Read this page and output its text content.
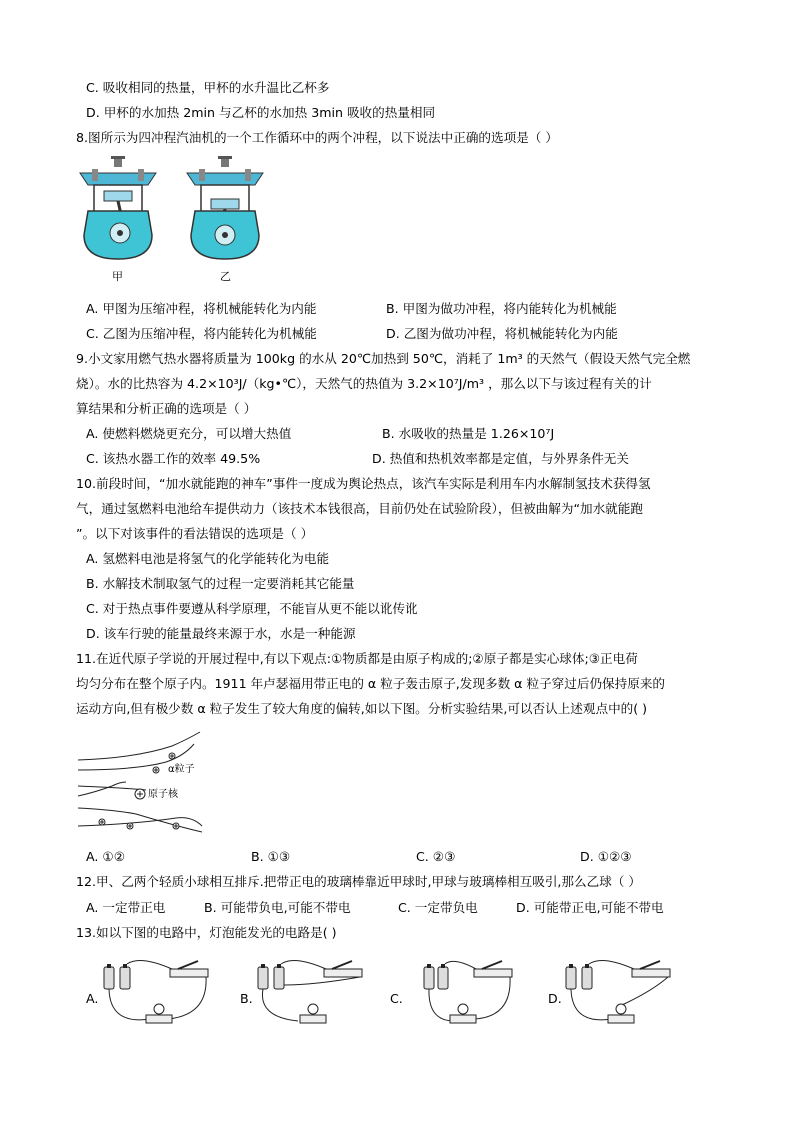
C. 吸收相同的热量，甲杯的水升温比乙杯多
D. 甲杯的水加热 2min 与乙杯的水加热 3min 吸收的热量相同
8.图所示为四冲程汽油机的一个工作循环中的两个冲程，以下说法中正确的选项是（ ）
甲	乙
A. 甲图为压缩冲程，将机械能转化为内能	B. 甲图为做功冲程，将内能转化为机械能
C. 乙图为压缩冲程，将内能转化为机械能	D. 乙图为做功冲程，将机械能转化为内能
9.小文家用燃气热水器将质量为 100kg 的水从 20℃加热到 50℃，消耗了 1m³ 的天然气（假设天然气完全燃
烧）。水的比热容为 4.2×10³J/（kg•℃），天然气的热值为 3.2×10⁷J/m³ ，那么以下与该过程有关的计
算结果和分析正确的选项是（ ）
A. 使燃料燃烧更充分，可以增大热值	B. 水吸收的热量是 1.26×10⁷J
C. 该热水器工作的效率 49.5%	D. 热值和热机效率都是定值，与外界条件无关
10.前段时间，“加水就能跑的神车”事件一度成为舆论热点，该汽车实际是利用车内水解制氢技术获得氢
气，通过氢燃料电池给车提供动力（该技术本钱很高，目前仍处在试验阶段），但被曲解为“加水就能跑
”。以下对该事件的看法错误的选项是（ ）
A. 氢燃料电池是将氢气的化学能转化为电能
B. 水解技术制取氢气的过程一定要消耗其它能量
C. 对于热点事件要遵从科学原理，不能盲从更不能以讹传讹
D. 该车行驶的能量最终来源于水，水是一种能源
11.在近代原子学说的开展过程中,有以下观点:①物质都是由原子构成的;②原子都是实心球体;③正电荷
均匀分布在整个原子内。1911 年卢瑟福用带正电的 α 粒子轰击原子,发现多数 α 粒子穿过后仍保持原来的
运动方向,但有极少数 α 粒子发生了较大角度的偏转,如以下图。分析实验结果,可以否认上述观点中的( )
α粒子
原子核
A. ①②	B. ①③	C. ②③	D. ①②③
12.甲、乙两个轻质小球相互排斥.把带正电的玻璃棒靠近甲球时,甲球与玻璃棒相互吸引,那么乙球（ ）
A. 一定带正电	B. 可能带负电,可能不带电	C. 一定带负电	D. 可能带正电,可能不带电
13.如以下图的电路中，灯泡能发光的电路是( )
A.	B.	C.	D.
